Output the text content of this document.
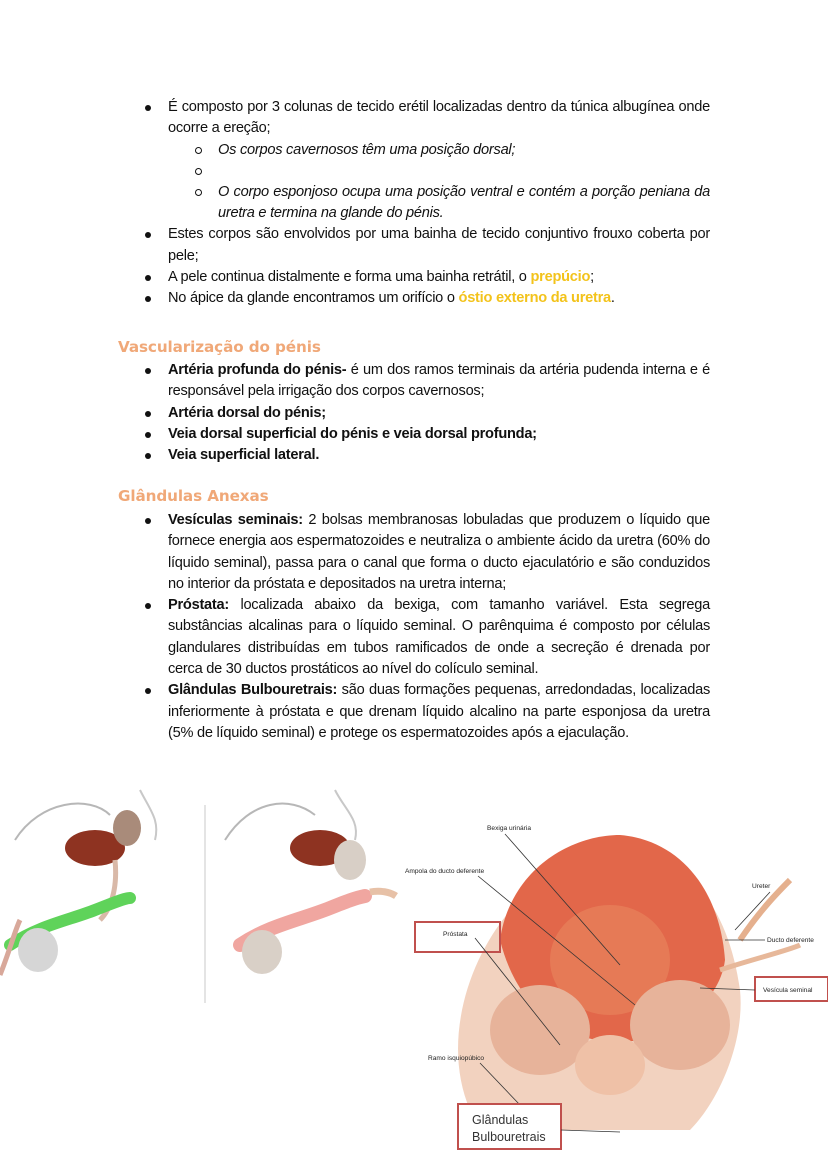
É composto por 3 colunas de tecido erétil localizadas dentro da túnica albugínea onde ocorre a ereção;
Os corpos cavernosos têm uma posição dorsal;
O corpo esponjoso ocupa uma posição ventral e contém a porção peniana da uretra e termina na glande do pénis.
Estes corpos são envolvidos por uma bainha de tecido conjuntivo frouxo coberta por pele;
A pele continua distalmente e forma uma bainha retrátil, o prepúcio;
No ápice da glande encontramos um orifício o óstio externo da uretra.
Vascularização do pénis
Artéria profunda do pénis- é um dos ramos terminais da artéria pudenda interna e é responsável pela irrigação dos corpos cavernosos;
Artéria dorsal do pénis;
Veia dorsal superficial do pénis e veia dorsal profunda;
Veia superficial lateral.
Glândulas Anexas
Vesículas seminais: 2 bolsas membranosas lobuladas que produzem o líquido que fornece energia aos espermatozoides e neutraliza o ambiente ácido da uretra (60% do líquido seminal), passa para o canal que forma o ducto ejaculatório e são conduzidos no interior da próstata e depositados na uretra interna;
Próstata: localizada abaixo da bexiga, com tamanho variável. Esta segrega substâncias alcalinas para o líquido seminal. O parênquima é composto por células glandulares distribuídas em tubos ramificados de onde a secreção é drenada por cerca de 30 ductos prostáticos ao nível do colículo seminal.
Glândulas Bulbouretrais: são duas formações pequenas, arredondadas, localizadas inferiormente à próstata e que drenam líquido alcalino na parte esponjosa da uretra (5% de líquido seminal) e protege os espermatozoides após a ejaculação.
Bexiga urinária
Ampola do ducto deferente
Ureter
Próstata
Ducto deferente
Vesícula seminal
Ramo isquiopúbico
Glândulas
Bulbouretrais
